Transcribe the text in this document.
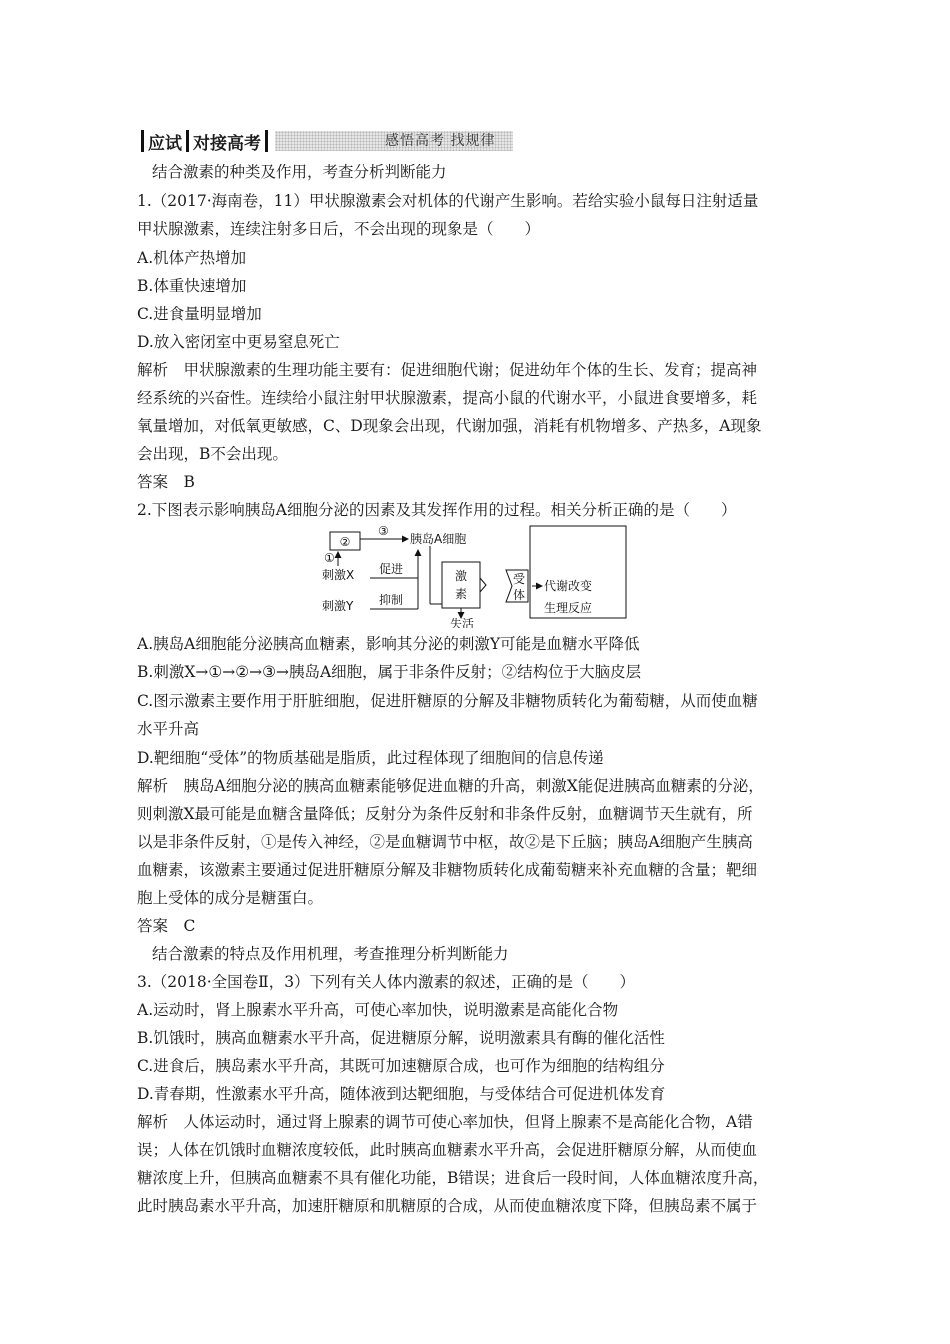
应试 对接高考	感悟高考 找规律
结合激素的种类及作用，考查分析判断能力
1.（2017·海南卷，11）甲状腺激素会对机体的代谢产生影响。若给实验小鼠每日注射适量
甲状腺激素，连续注射多日后，不会出现的现象是（　　）
A.机体产热增加
B.体重快速增加
C.进食量明显增加
D.放入密闭室中更易窒息死亡
解析　甲状腺激素的生理功能主要有：促进细胞代谢；促进幼年个体的生长、发育；提高神
经系统的兴奋性。连续给小鼠注射甲状腺激素，提高小鼠的代谢水平，小鼠进食要增多，耗
氧量增加，对低氧更敏感，C、D现象会出现，代谢加强，消耗有机物增多、产热多，A现象
会出现，B不会出现。
答案　B
2.下图表示影响胰岛A细胞分泌的因素及其发挥作用的过程。相关分析正确的是（　　）
②
③
胰岛A细胞
①
刺激X
刺激Y
促进
抑制
激
素
失活
受
体
代谢改变
生理反应
A.胰岛A细胞能分泌胰高血糖素，影响其分泌的刺激Y可能是血糖水平降低
B.刺激X→①→②→③→胰岛A细胞，属于非条件反射；②结构位于大脑皮层
C.图示激素主要作用于肝脏细胞，促进肝糖原的分解及非糖物质转化为葡萄糖，从而使血糖
水平升高
D.靶细胞“受体”的物质基础是脂质，此过程体现了细胞间的信息传递
解析　胰岛A细胞分泌的胰高血糖素能够促进血糖的升高，刺激X能促进胰高血糖素的分泌，
则刺激X最可能是血糖含量降低；反射分为条件反射和非条件反射，血糖调节天生就有，所
以是非条件反射，①是传入神经，②是血糖调节中枢，故②是下丘脑；胰岛A细胞产生胰高
血糖素，该激素主要通过促进肝糖原分解及非糖物质转化成葡萄糖来补充血糖的含量；靶细
胞上受体的成分是糖蛋白。
答案　C
结合激素的特点及作用机理，考查推理分析判断能力
3.（2018·全国卷Ⅱ，3）下列有关人体内激素的叙述，正确的是（　　）
A.运动时，肾上腺素水平升高，可使心率加快，说明激素是高能化合物
B.饥饿时，胰高血糖素水平升高，促进糖原分解，说明激素具有酶的催化活性
C.进食后，胰岛素水平升高，其既可加速糖原合成，也可作为细胞的结构组分
D.青春期，性激素水平升高，随体液到达靶细胞，与受体结合可促进机体发育
解析　人体运动时，通过肾上腺素的调节可使心率加快，但肾上腺素不是高能化合物，A错
误；人体在饥饿时血糖浓度较低，此时胰高血糖素水平升高，会促进肝糖原分解，从而使血
糖浓度上升，但胰高血糖素不具有催化功能，B错误；进食后一段时间，人体血糖浓度升高，
此时胰岛素水平升高，加速肝糖原和肌糖原的合成，从而使血糖浓度下降，但胰岛素不属于
